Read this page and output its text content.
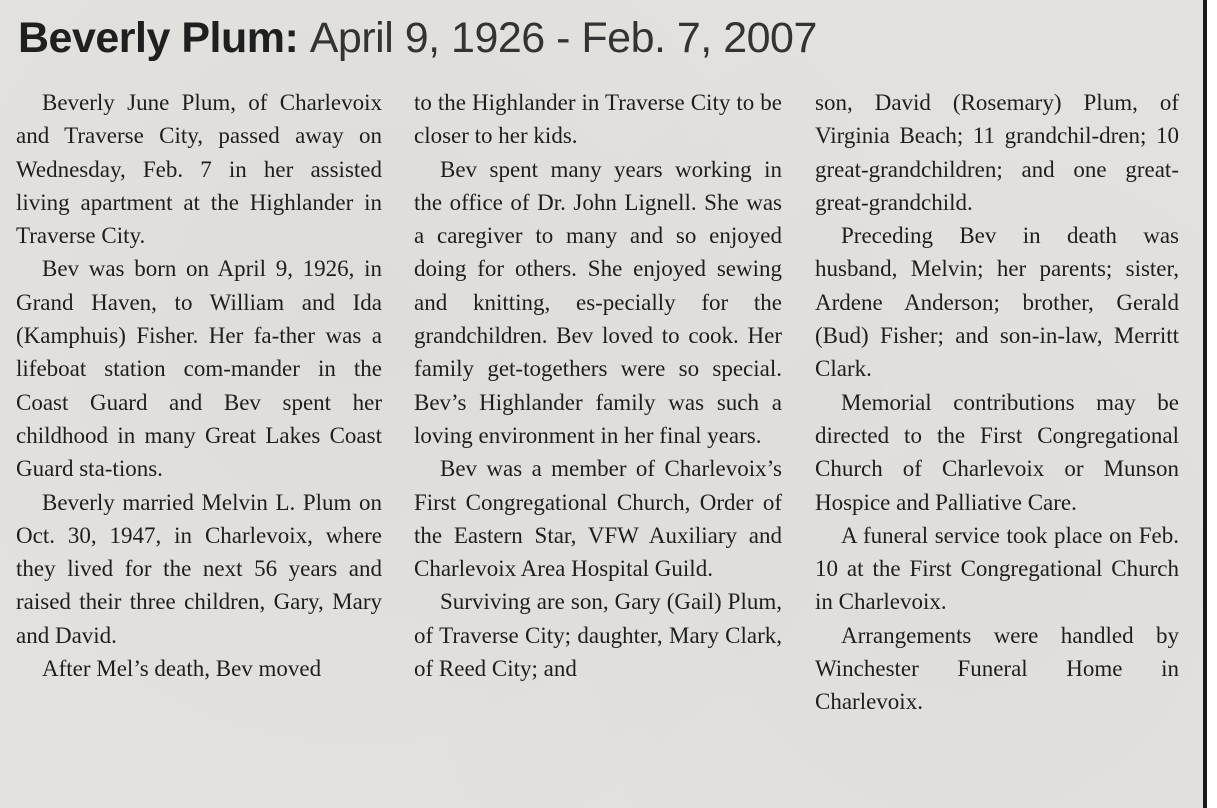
Beverly Plum: April 9, 1926 - Feb. 7, 2007

Beverly June Plum, of Charlevoix and Traverse City, passed away on Wednesday, Feb. 7 in her assisted living apartment at the Highlander in Traverse City.

Bev was born on April 9, 1926, in Grand Haven, to William and Ida (Kamphuis) Fisher. Her fa-ther was a lifeboat station com-mander in the Coast Guard and Bev spent her childhood in many Great Lakes Coast Guard sta-tions.

Beverly married Melvin L. Plum on Oct. 30, 1947, in Charlevoix, where they lived for the next 56 years and raised their three children, Gary, Mary and David.

After Mel’s death, Bev moved

to the Highlander in Traverse City to be closer to her kids.

Bev spent many years working in the office of Dr. John Lignell. She was a caregiver to many and so enjoyed doing for others. She enjoyed sewing and knitting, es-pecially for the grandchildren. Bev loved to cook. Her family get-togethers were so special. Bev’s Highlander family was such a loving environment in her final years.

Bev was a member of Charlevoix’s First Congregational Church, Order of the Eastern Star, VFW Auxiliary and Charlevoix Area Hospital Guild.

Surviving are son, Gary (Gail) Plum, of Traverse City; daughter, Mary Clark, of Reed City; and

son, David (Rosemary) Plum, of Virginia Beach; 11 grandchil-dren; 10 great-grandchildren; and one great-great-grandchild.

Preceding Bev in death was husband, Melvin; her parents; sister, Ardene Anderson; brother, Gerald (Bud) Fisher; and son-in-law, Merritt Clark.

Memorial contributions may be directed to the First Congregational Church of Charlevoix or Munson Hospice and Palliative Care.

A funeral service took place on Feb. 10 at the First Congregational Church in Charlevoix.

Arrangements were handled by Winchester Funeral Home in Charlevoix.
